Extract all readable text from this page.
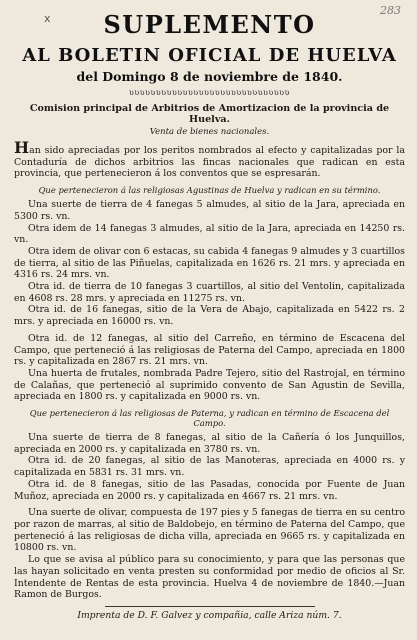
x
283
SUPLEMENTO
AL BOLETIN OFICIAL DE HUELVA
del Domingo 8 de noviembre de 1840.
ʋʋʋʋʋʋʋʋʋʋʋʋʋʋʋʋʋʋʋʋʋʋʋʋʋʋʋʋʋʋ
Comision principal de Arbitrios de Amortizacion de la provincia de Huelva.
Venta de bienes nacionales.

Han sido apreciadas por los peritos nombrados al efecto y capitalizadas por la Contaduría de dichos arbitrios las fincas nacionales que radican en esta provincia, que pertenecieron á los conventos que se espresarán.

Que pertenecieron á las religiosas Agustinas de Huelva y radican en su término.

Una suerte de tierra de 4 fanegas 5 almudes, al sitio de la Jara, apreciada en 5300 rs. vn.

Otra idem de 14 fanegas 3 almudes, al sitio de la Jara, apreciada en 14250 rs. vn.

Otra idem de olivar con 6 estacas, su cabida 4 fanegas 9 almudes y 3 cuartillos de tierra, al sitio de las Piñuelas, capitalizada en 1626 rs. 21 mrs. y apreciada en 4316 rs. 24 mrs. vn.

Otra id. de tierra de 10 fanegas 3 cuartillos, al sitio del Ventolin, capitalizada en 4608 rs. 28 mrs. y apreciada en 11275 rs. vn.

Otra id. de 16 fanegas, sitio de la Vera de Abajo, capitalizada en 5422 rs. 2 mrs. y apreciada en 16000 rs. vn.

Otra id. de 12 fanegas, al sitio del Carreño, en término de Escacena del Campo, que perteneció á las religiosas de Paterna del Campo, apreciada en 1800 rs. y capitalizada en 2867 rs. 21 mrs. vn.

Una huerta de frutales, nombrada Padre Tejero, sitio del Rastrojal, en término de Calañas, que perteneció al suprimido convento de San Agustin de Sevilla, apreciada en 1800 rs. y capitalizada en 9000 rs. vn.

Que pertenecieron á las religiosas de Paterna, y radican en término de Escacena del Campo.

Una suerte de tierra de 8 fanegas, al sitio de la Cañería ó los Junquillos, apreciada en 2000 rs. y capitalizada en 3780 rs. vn.

Otra id. de 20 fanegas, al sitio de las Manoteras, apreciada en 4000 rs. y capitalizada en 5831 rs. 31 mrs. vn.

Otra id. de 8 fanegas, sitio de las Pasadas, conocida por Fuente de Juan Muñoz, apreciada en 2000 rs. y capitalizada en 4667 rs. 21 mrs. vn.

Una suerte de olivar, compuesta de 197 pies y 5 fanegas de tierra en su centro por razon de marras, al sitio de Baldobejo, en término de Paterna del Campo, que perteneció á las religiosas de dicha villa, apreciada en 9665 rs. y capitalizada en 10800 rs. vn.

Lo que se avisa al público para su conocimiento, y para que las personas que las hayan solicitado en venta presten su conformidad por medio de oficios al Sr. Intendente de Rentas de esta provincia. Huelva 4 de noviembre de 1840.—Juan Ramon de Burgos.

Imprenta de D. F. Galvez y compañia, calle Ariza núm. 7.
